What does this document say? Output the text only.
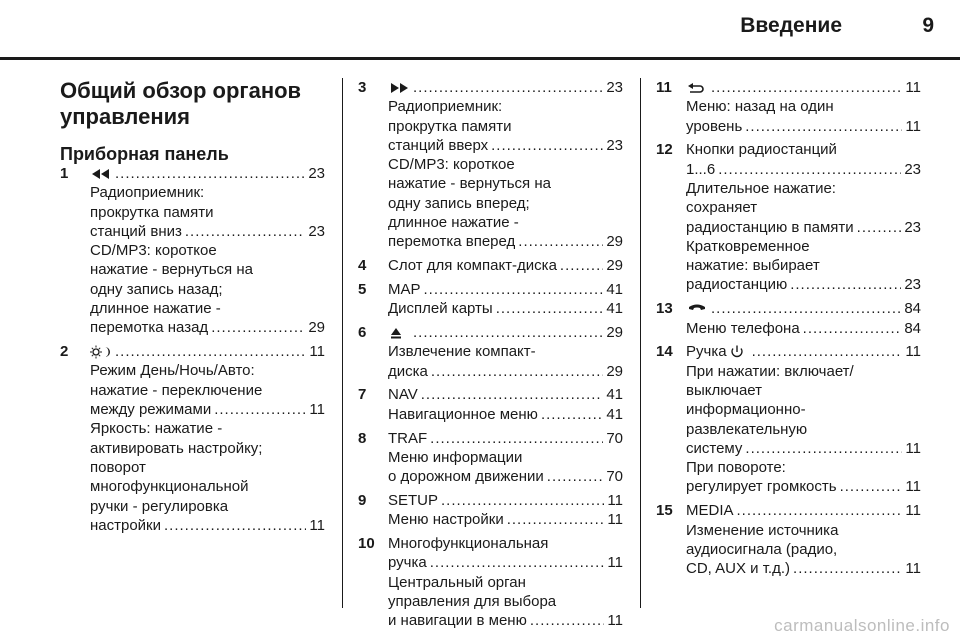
Введение	9
Общий обзор органов
управления
Приборная панель
1 .....	23
Радиоприемник:
прокрутка памяти
станций вниз .....	23
CD/MP3: короткое
нажатие - вернуться на
одну запись назад;
длинное нажатие -
перемотка назад .....	29
2 .....	11
Режим День/Ночь/Авто:
нажатие - переключение
между режимами .....	11
Яркость: нажатие -
активировать настройку;
поворот
многофункциональной
ручки - регулировка
настройки .....	11
3 .....	23
Радиоприемник:
прокрутка памяти
станций вверх .....	23
CD/MP3: короткое
нажатие - вернуться на
одну запись вперед;
длинное нажатие -
перемотка вперед .....	29
4	Слот для компакт-диска .....	29
5	MAP .....	41
Дисплей карты .....	41
6 .....	29
Извлечение компакт-
диска .....	29
7	NAV .....	41
Навигационное меню .....	41
8	TRAF .....	70
Меню информации
о дорожном движении .....	70
9	SETUP .....	11
Меню настройки .....	11
10 Многофункциональная
ручка .....	11
Центральный орган
управления для выбора
и навигации в меню .....	11
11 .....	11
Меню: назад на один
уровень .....	11
12 Кнопки радиостанций
1...6 .....	23
Длительное нажатие:
сохраняет
радиостанцию в памяти .....	23
Кратковременное
нажатие: выбирает
радиостанцию .....	23
13 .....	84
Меню телефона .....	84
14 Ручка .....	11
При нажатии: включает/
выключает
информационно-
развлекательную
систему .....	11
При повороте:
регулирует громкость .....	11
15 MEDIA .....	11
Изменение источника
аудиосигнала (радио,
CD, AUX и т.д.) .....	11
carmanualsonline.info
